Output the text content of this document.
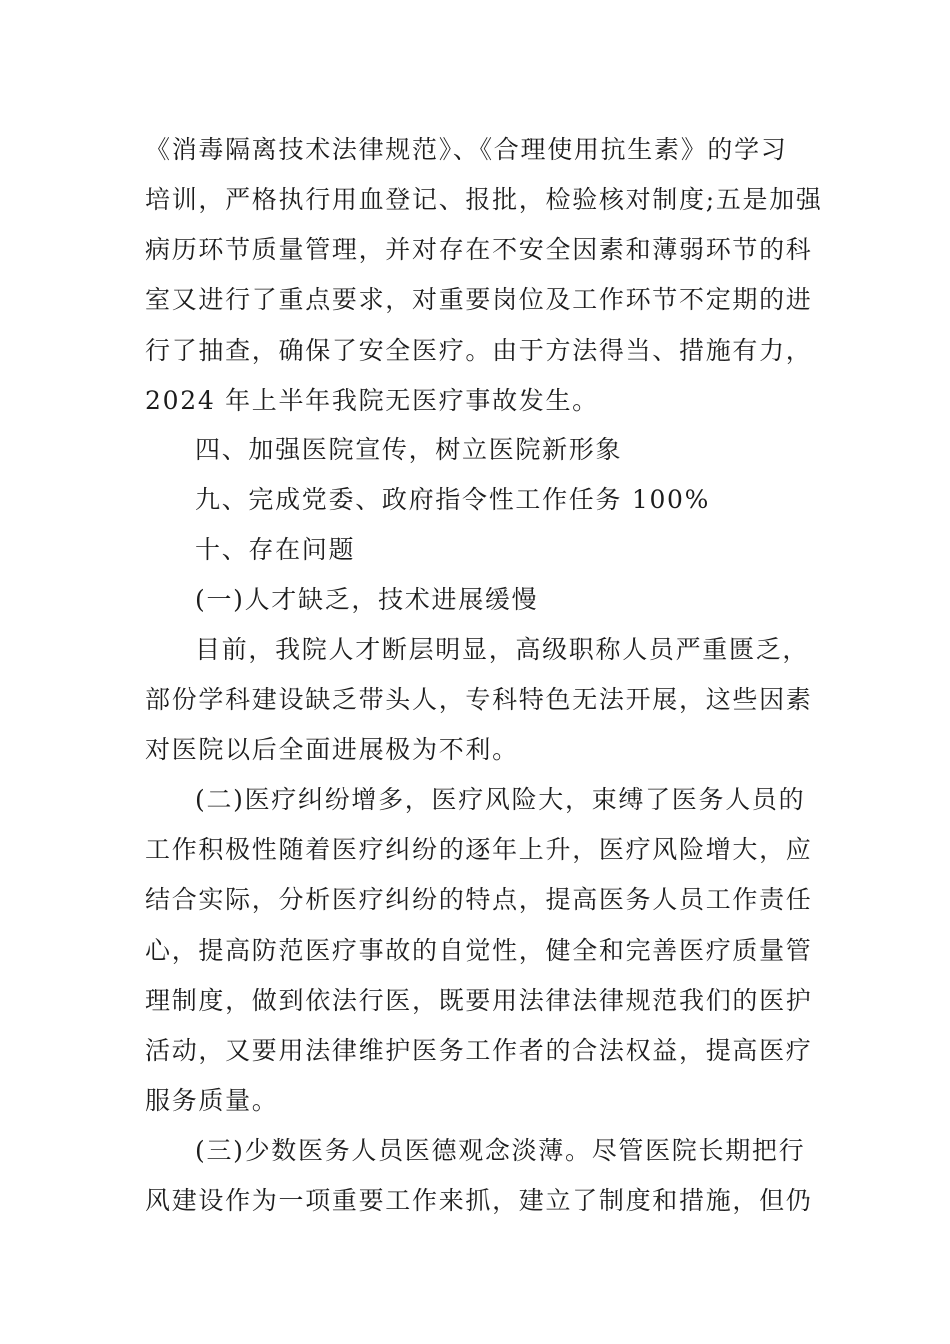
《消毒隔离技术法律规范》、《合理使用抗生素》的学习
培训，严格执行用血登记、报批，检验核对制度;五是加强
病历环节质量管理，并对存在不安全因素和薄弱环节的科
室又进行了重点要求，对重要岗位及工作环节不定期的进
行了抽查，确保了安全医疗。由于方法得当、措施有力，
2024 年上半年我院无医疗事故发生。
四、加强医院宣传，树立医院新形象
九、完成党委、政府指令性工作任务 100%
十、存在问题
(一)人才缺乏，技术进展缓慢
目前，我院人才断层明显，高级职称人员严重匮乏，
部份学科建设缺乏带头人，专科特色无法开展，这些因素
对医院以后全面进展极为不利。
(二)医疗纠纷增多，医疗风险大，束缚了医务人员的
工作积极性随着医疗纠纷的逐年上升，医疗风险增大，应
结合实际，分析医疗纠纷的特点，提高医务人员工作责任
心，提高防范医疗事故的自觉性，健全和完善医疗质量管
理制度，做到依法行医，既要用法律法律规范我们的医护
活动，又要用法律维护医务工作者的合法权益，提高医疗
服务质量。
(三)少数医务人员医德观念淡薄。尽管医院长期把行
风建设作为一项重要工作来抓，建立了制度和措施，但仍
